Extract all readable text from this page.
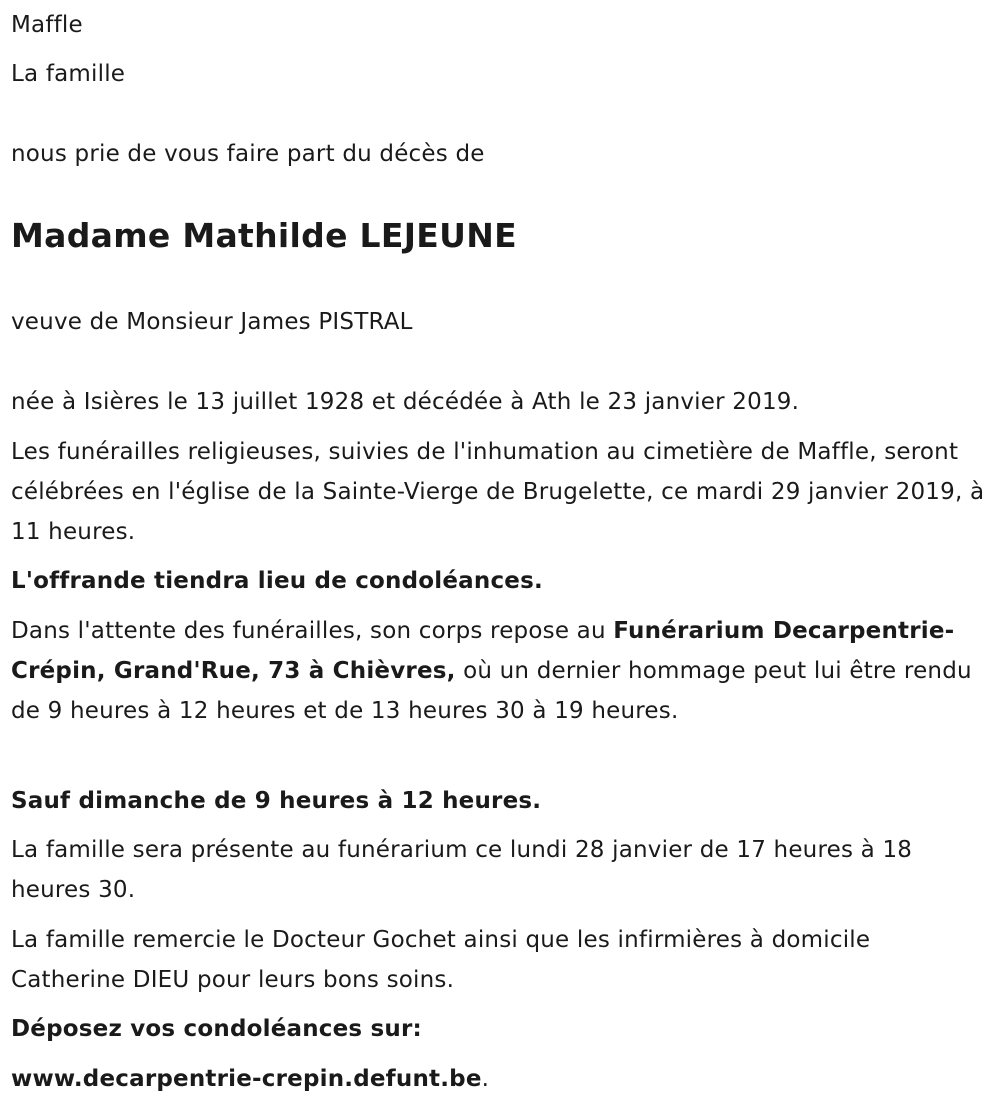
Maffle
La famille
nous prie de vous faire part du décès de
Madame Mathilde LEJEUNE
veuve de Monsieur James PISTRAL
née à Isières le 13 juillet 1928 et décédée à Ath le 23 janvier 2019.
Les funérailles religieuses, suivies de l'inhumation au cimetière de Maffle, seront célébrées en l'église de la Sainte-Vierge de Brugelette, ce mardi 29 janvier 2019, à 11 heures.
L'offrande tiendra lieu de condoléances.
Dans l'attente des funérailles, son corps repose au Funérarium Decarpentrie-Crépin, Grand'Rue, 73 à Chièvres, où un dernier hommage peut lui être rendu de 9 heures à 12 heures et de 13 heures 30 à 19 heures.
Sauf dimanche de 9 heures à 12 heures.
La famille sera présente au funérarium ce lundi 28 janvier de 17 heures à 18 heures 30.
La famille remercie le Docteur Gochet ainsi que les infirmières à domicile Catherine DIEU pour leurs bons soins.
Déposez vos condoléances sur:
www.decarpentrie-crepin.defunt.be.
